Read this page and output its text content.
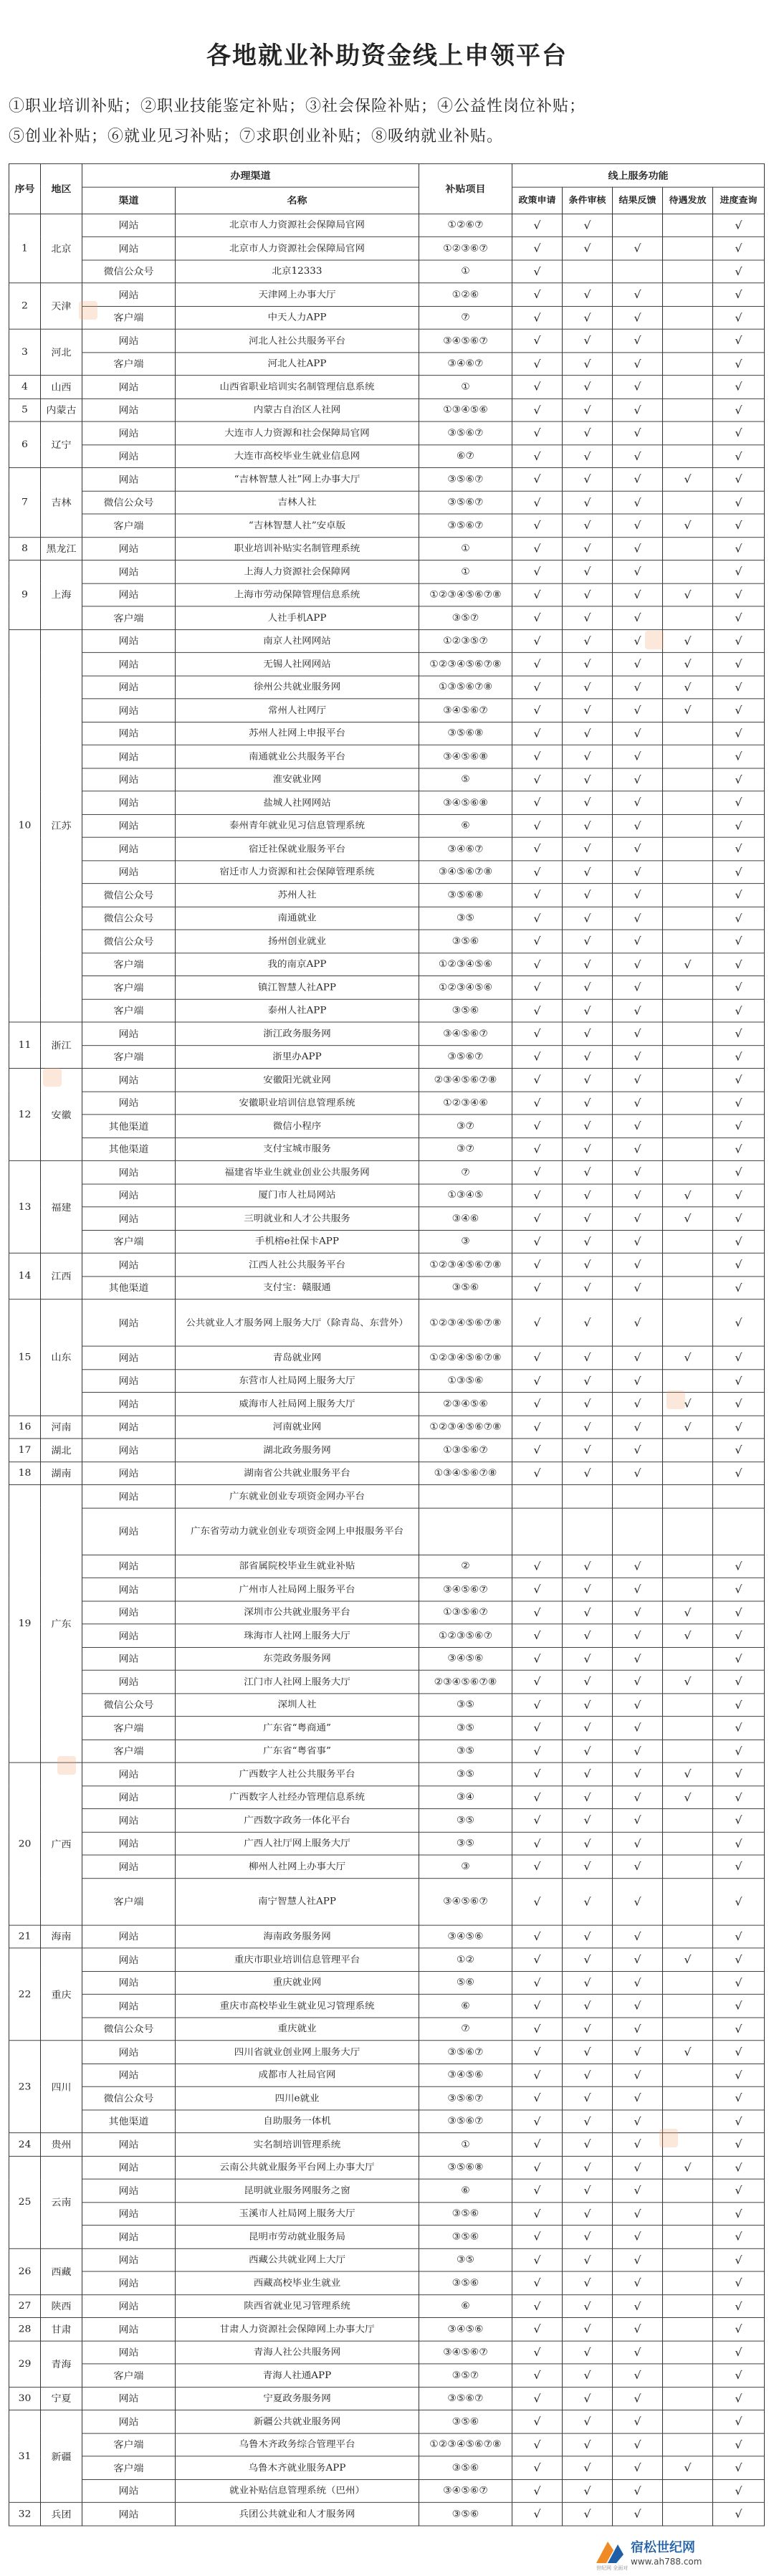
各地就业补助资金线上申领平台
①职业培训补贴；②职业技能鉴定补贴；③社会保险补贴；④公益性岗位补贴；
⑤创业补贴；⑥就业见习补贴；⑦求职创业补贴；⑧吸纳就业补贴。
序号	地区	办理渠道		补贴项目	线上服务功能				
		渠道	名称		政策申请	条件审核	结果反馈	待遇发放	进度查询
1	北京	网站	北京市人力资源社会保障局官网	①②⑥⑦	√	√			√
		网站	北京市人力资源社会保障局官网	①②③⑥⑦	√	√	√		√
		微信公众号	北京12333	①	√				√
2	天津	网站	天津网上办事大厅	①②⑥	√	√	√		√
		客户端	中天人力APP	⑦	√	√	√		√
3	河北	网站	河北人社公共服务平台	③④⑤⑥⑦	√	√	√		√
		客户端	河北人社APP	③④⑥⑦	√	√	√		√
4	山西	网站	山西省职业培训实名制管理信息系统	①	√	√	√		√
5	内蒙古	网站	内蒙古自治区人社网	①③④⑤⑥	√	√	√		√
6	辽宁	网站	大连市人力资源和社会保障局官网	③⑤⑥⑦	√	√	√		√
		网站	大连市高校毕业生就业信息网	⑥⑦	√	√	√		√
7	吉林	网站	“吉林智慧人社”网上办事大厅	③⑤⑥⑦	√	√	√	√	√
		微信公众号	吉林人社	③⑤⑥⑦	√	√	√		√
		客户端	“吉林智慧人社”安卓版	③⑤⑥⑦	√	√	√	√	√
8	黑龙江	网站	职业培训补贴实名制管理系统	①	√	√	√		√
9	上海	网站	上海人力资源社会保障网	①	√	√	√		√
		网站	上海市劳动保障管理信息系统	①②③④⑤⑥⑦⑧	√	√	√	√	√
		客户端	人社手机APP	③⑤⑦	√	√	√		√
10	江苏	网站	南京人社网网站	①②③⑤⑦	√	√	√	√	√
		网站	无锡人社网网站	①②③④⑤⑥⑦⑧	√	√	√	√	√
		网站	徐州公共就业服务网	①③⑤⑥⑦⑧	√	√	√	√	√
		网站	常州人社网厅	③④⑤⑥⑦	√	√	√	√	√
		网站	苏州人社网上申报平台	③⑤⑥⑧	√	√	√		√
		网站	南通就业公共服务平台	③④⑤⑥⑧	√	√	√		√
		网站	淮安就业网	⑤	√	√	√		√
		网站	盐城人社网网站	③④⑤⑥⑧	√	√	√		√
		网站	泰州青年就业见习信息管理系统	⑥	√	√	√		√
		网站	宿迁社保就业服务平台	③④⑥⑦	√	√	√		√
		网站	宿迁市人力资源和社会保障管理系统	③④⑤⑥⑦⑧	√	√	√		√
		微信公众号	苏州人社	③⑤⑥⑧	√	√	√		√
		微信公众号	南通就业	③⑤	√	√	√		√
		微信公众号	扬州创业就业	③⑤⑥	√	√	√		√
		客户端	我的南京APP	①②③④⑤⑥	√	√	√	√	√
		客户端	镇江智慧人社APP	①②③④⑤⑥	√	√	√		√
		客户端	泰州人社APP	③⑤⑥	√	√	√		√
11	浙江	网站	浙江政务服务网	③④⑤⑥⑦	√	√	√		√
		客户端	浙里办APP	③⑤⑥⑦	√	√	√		√
12	安徽	网站	安徽阳光就业网	②③④⑤⑥⑦⑧	√	√	√		√
		网站	安徽职业培训信息管理系统	①②③④⑥	√	√	√		√
		其他渠道	微信小程序	③⑦	√	√	√		√
		其他渠道	支付宝城市服务	③⑦	√	√	√		√
13	福建	网站	福建省毕业生就业创业公共服务网	⑦	√	√	√		√
		网站	厦门市人社局网站	①③④⑤	√	√	√	√	√
		网站	三明就业和人才公共服务	③④⑥	√	√	√	√	√
		客户端	手机榕e社保卡APP	③	√	√	√		√
14	江西	网站	江西人社公共服务平台	①②③④⑤⑥⑦⑧	√	√	√		√
		其他渠道	支付宝：赣服通	③⑤⑥	√	√	√		√
15	山东	网站	公共就业人才服务网上服务大厅（除青岛、东营外）	①②③④⑤⑥⑦⑧	√	√	√		√
		网站	青岛就业网	①②③④⑤⑥⑦⑧	√	√	√	√	√
		网站	东营市人社局网上服务大厅	①③⑤⑥	√	√	√		√
		网站	威海市人社局网上服务大厅	②③④⑤⑥	√	√	√	√	√
16	河南	网站	河南就业网	①②③④⑤⑥⑦⑧	√	√	√	√	√
17	湖北	网站	湖北政务服务网	①③⑤⑥⑦	√	√	√		√
18	湖南	网站	湖南省公共就业服务平台	①③④⑤⑥⑦⑧	√	√	√		√
19	广东	网站	广东就业创业专项资金网办平台						
		网站	广东省劳动力就业创业专项资金网上申报服务平台						
		网站	部省属院校毕业生就业补贴	②	√	√	√		√
		网站	广州市人社局网上服务平台	③④⑤⑥⑦	√	√	√		√
		网站	深圳市公共就业服务平台	①③⑤⑥⑦	√	√	√	√	√
		网站	珠海市人社网上服务大厅	①②③⑤⑥⑦	√	√	√	√	√
		网站	东莞政务服务网	③④⑤⑥	√	√	√		√
		网站	江门市人社网上服务大厅	②③④⑤⑥⑦⑧	√	√	√	√	√
		微信公众号	深圳人社	③⑤	√	√	√		√
		客户端	广东省“粤商通”	③⑤	√	√	√		√
		客户端	广东省“粤省事”	③⑤	√	√	√		√
20	广西	网站	广西数字人社公共服务平台	③⑤	√	√	√	√	√
		网站	广西数字人社经办管理信息系统	③④	√	√	√	√	√
		网站	广西数字政务一体化平台	③⑤	√	√	√		√
		网站	广西人社厅网上服务大厅	③⑤	√	√	√		√
		网站	柳州人社网上办事大厅	③	√	√	√		√
		客户端	南宁智慧人社APP	③④⑤⑥⑦	√	√	√		√
21	海南	网站	海南政务服务网	③④⑤⑥	√	√	√		√
22	重庆	网站	重庆市职业培训信息管理平台	①②	√	√	√	√	√
		网站	重庆就业网	⑤⑥	√	√	√		√
		网站	重庆市高校毕业生就业见习管理系统	⑥	√	√	√		√
		微信公众号	重庆就业	⑦	√	√	√		√
23	四川	网站	四川省就业创业网上服务大厅	③⑤⑥⑦	√	√	√	√	√
		网站	成都市人社局官网	③④⑤⑥	√	√	√		√
		微信公众号	四川e就业	③⑤⑥⑦	√	√	√		√
		其他渠道	自助服务一体机	③⑤⑥⑦	√	√	√		√
24	贵州	网站	实名制培训管理系统	①	√	√	√		√
25	云南	网站	云南公共就业服务平台网上办事大厅	③⑤⑥⑧	√	√	√	√	√
		网站	昆明就业服务网服务之窗	⑥	√	√	√		√
		网站	玉溪市人社局网上服务大厅	③⑤⑥	√	√	√		√
		网站	昆明市劳动就业服务局	③⑤⑥	√	√	√		√
26	西藏	网站	西藏公共就业网上大厅	③⑤	√	√	√		√
		网站	西藏高校毕业生就业	③⑤⑥	√	√	√		√
27	陕西	网站	陕西省就业见习管理系统	⑥	√	√	√		√
28	甘肃	网站	甘肃人力资源社会保障网上办事大厅	③④⑤⑥	√	√	√		√
29	青海	网站	青海人社公共服务网	③④⑤⑥⑦	√	√	√		√
		客户端	青海人社通APP	③⑤⑦	√	√	√		√
30	宁夏	网站	宁夏政务服务网	③⑤⑥⑦	√	√	√		√
31	新疆	网站	新疆公共就业服务网	③⑤⑥	√	√	√		√
		客户端	乌鲁木齐政务综合管理平台	①②③④⑤⑥⑦⑧	√	√	√		√
		客户端	乌鲁木齐就业服务APP	③⑤⑥	√	√	√	√	√
		网站	就业补贴信息管理系统（巴州）	③④⑤⑥⑦	√	√	√		√
32	兵团	网站	兵团公共就业和人才服务网	③⑤⑥	√	√	√		√
宿松世纪网
www.ah788.com
世纪网 全面对
